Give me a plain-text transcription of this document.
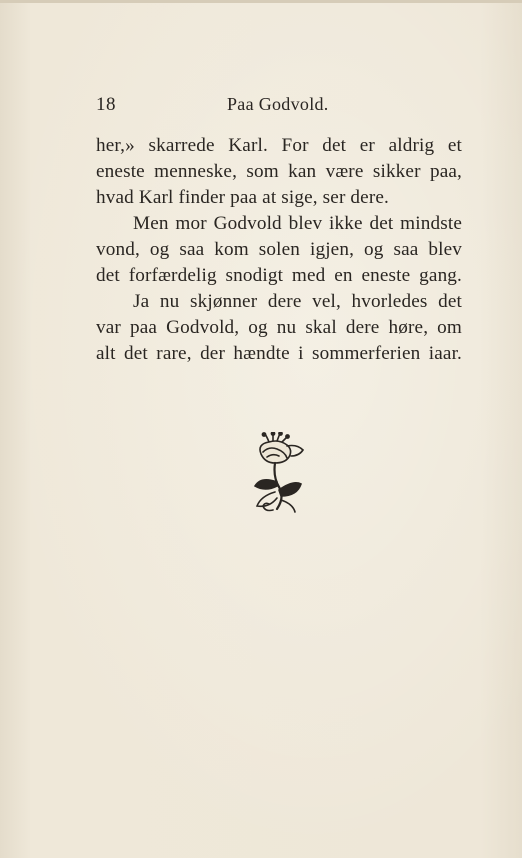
18	Paa Godvold.
her,» skarrede Karl. For det er aldrig et
eneste menneske, som kan være sikker paa,
hvad Karl finder paa at sige, ser dere.
Men mor Godvold blev ikke det mindste
vond, og saa kom solen igjen, og saa blev
det forfærdelig snodigt med en eneste gang.
Ja nu skjønner dere vel, hvorledes det
var paa Godvold, og nu skal dere høre, om
alt det rare, der hændte i sommerferien iaar.
